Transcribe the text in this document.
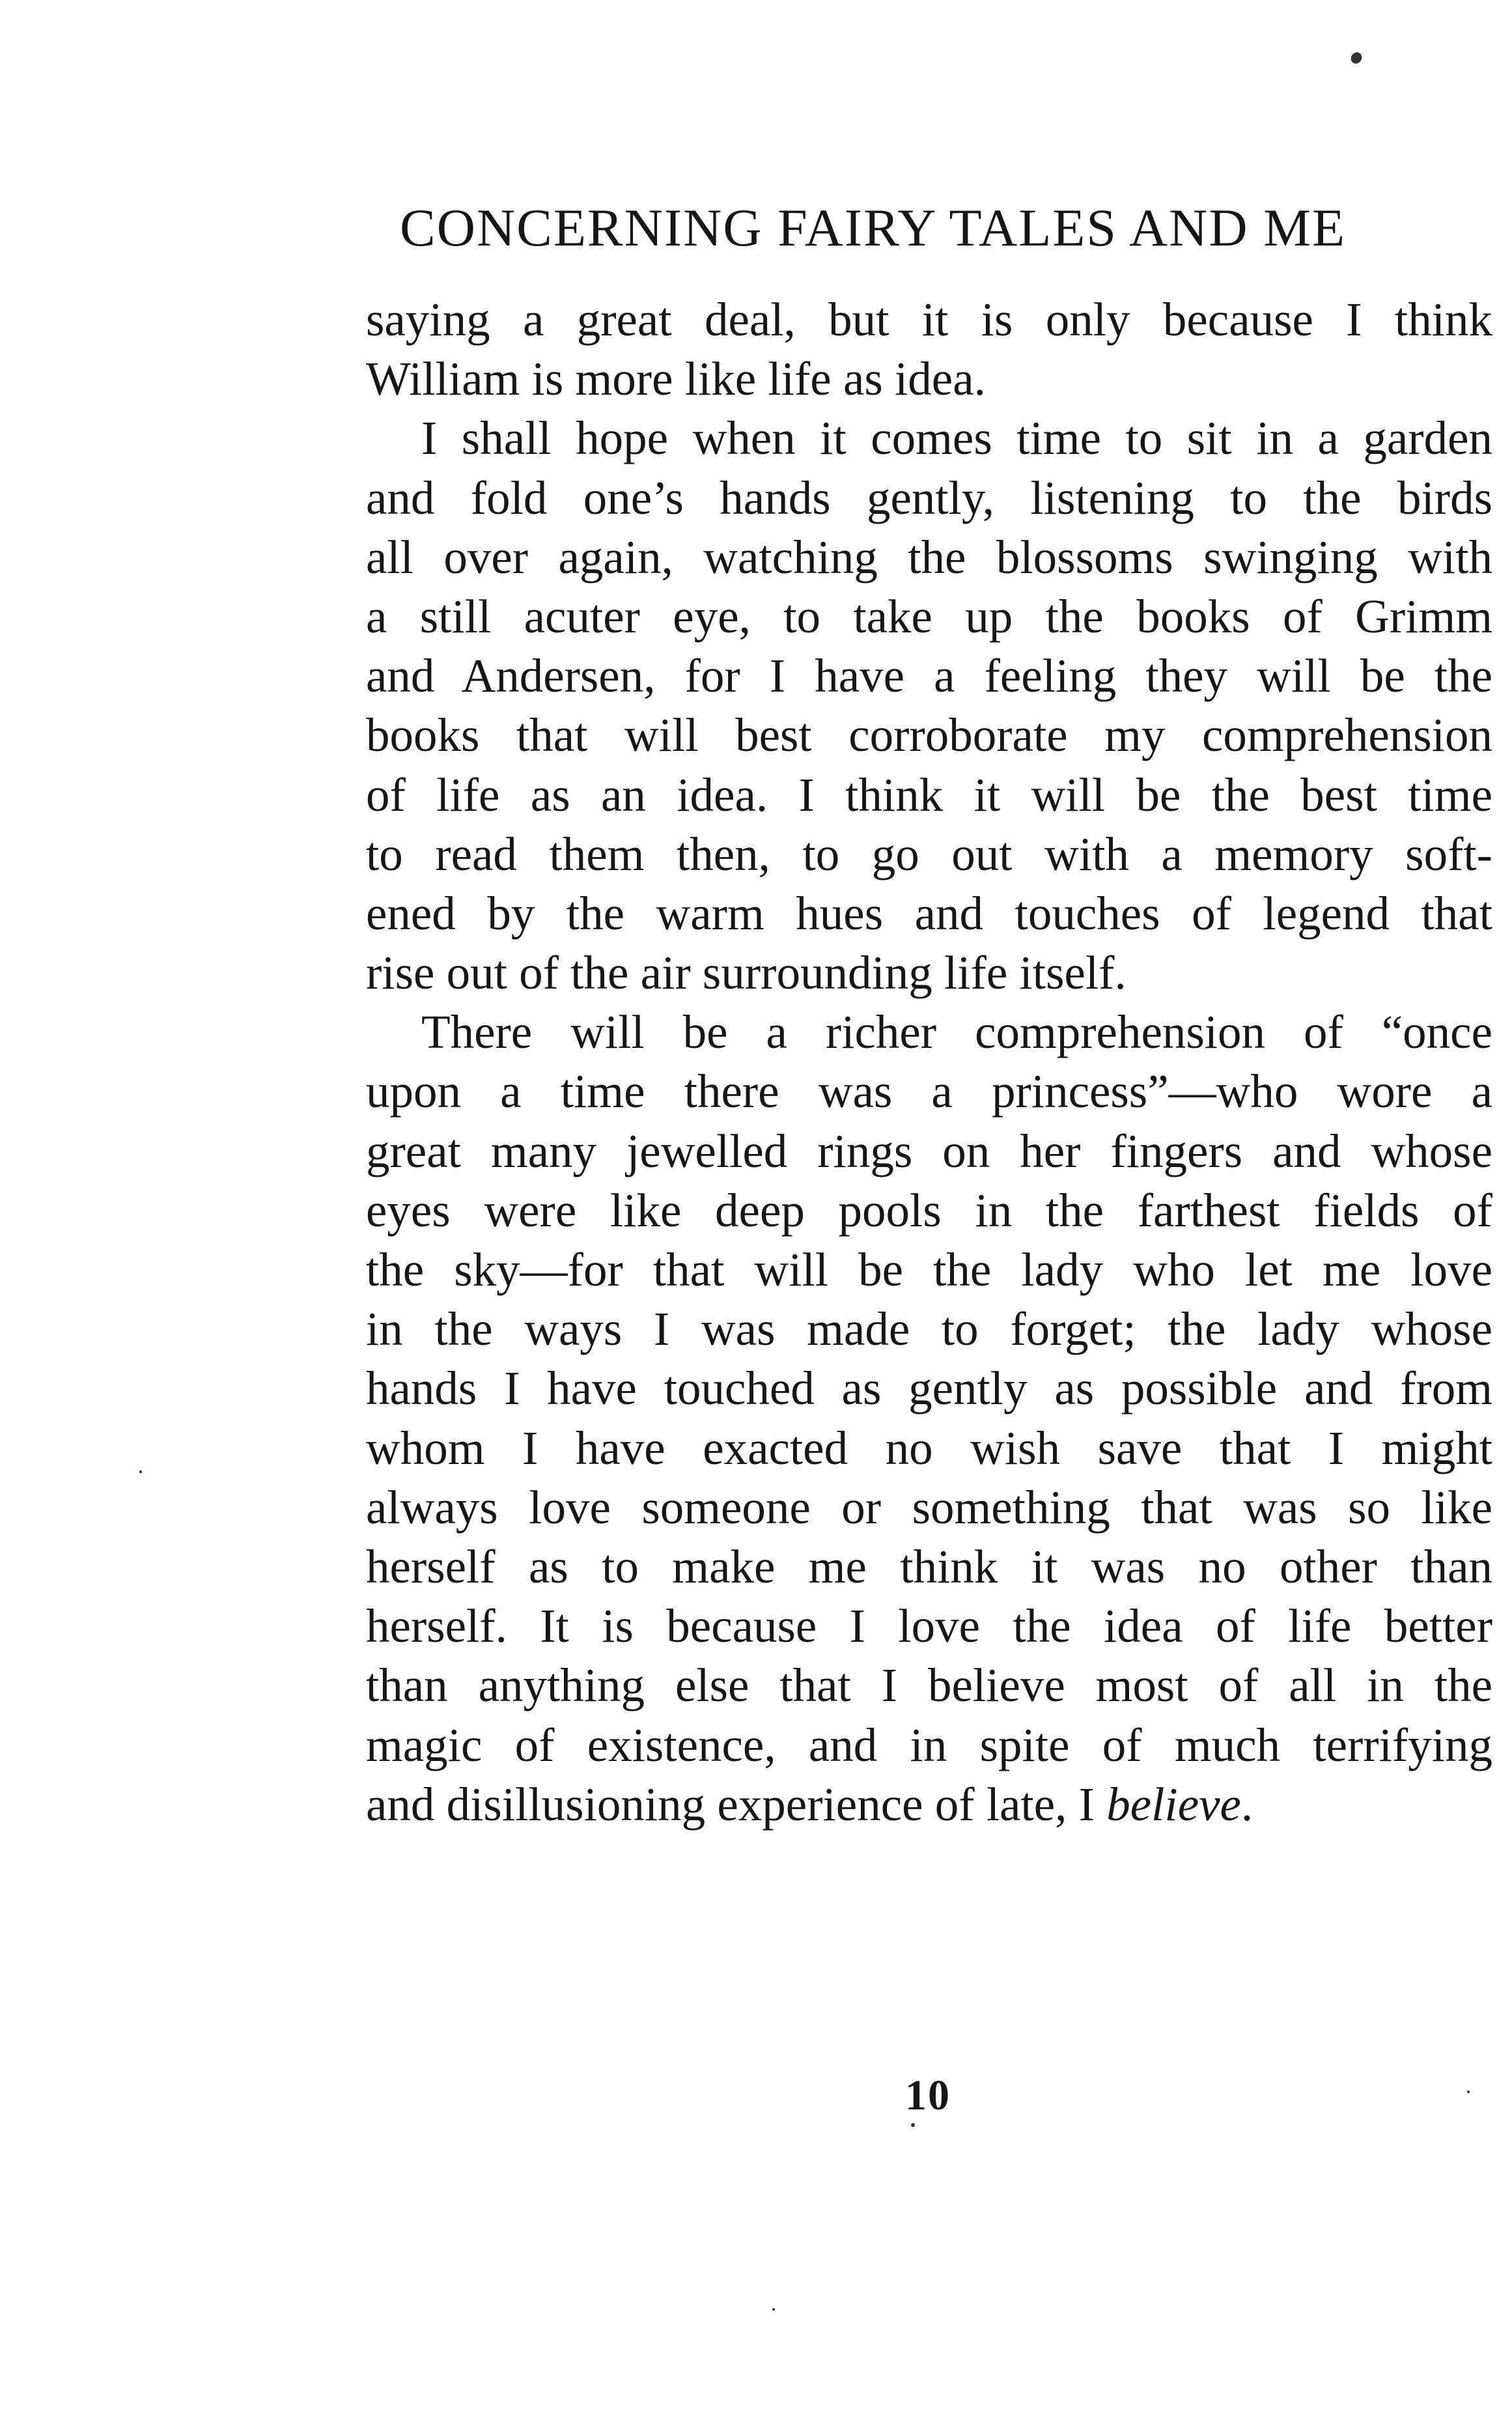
CONCERNING FAIRY TALES AND ME
saying a great deal, but it is only because I think
William is more like life as idea.
I shall hope when it comes time to sit in a garden
and fold one’s hands gently, listening to the birds
all over again, watching the blossoms swinging with
a still acuter eye, to take up the books of Grimm
and Andersen, for I have a feeling they will be the
books that will best corroborate my comprehension
of life as an idea. I think it will be the best time
to read them then, to go out with a memory soft-
ened by the warm hues and touches of legend that
rise out of the air surrounding life itself.
There will be a richer comprehension of “once
upon a time there was a princess”—who wore a
great many jewelled rings on her fingers and whose
eyes were like deep pools in the farthest fields of
the sky—for that will be the lady who let me love
in the ways I was made to forget; the lady whose
hands I have touched as gently as possible and from
whom I have exacted no wish save that I might
always love someone or something that was so like
herself as to make me think it was no other than
herself. It is because I love the idea of life better
than anything else that I believe most of all in the
magic of existence, and in spite of much terrifying
and disillusioning experience of late, I believe.
10
